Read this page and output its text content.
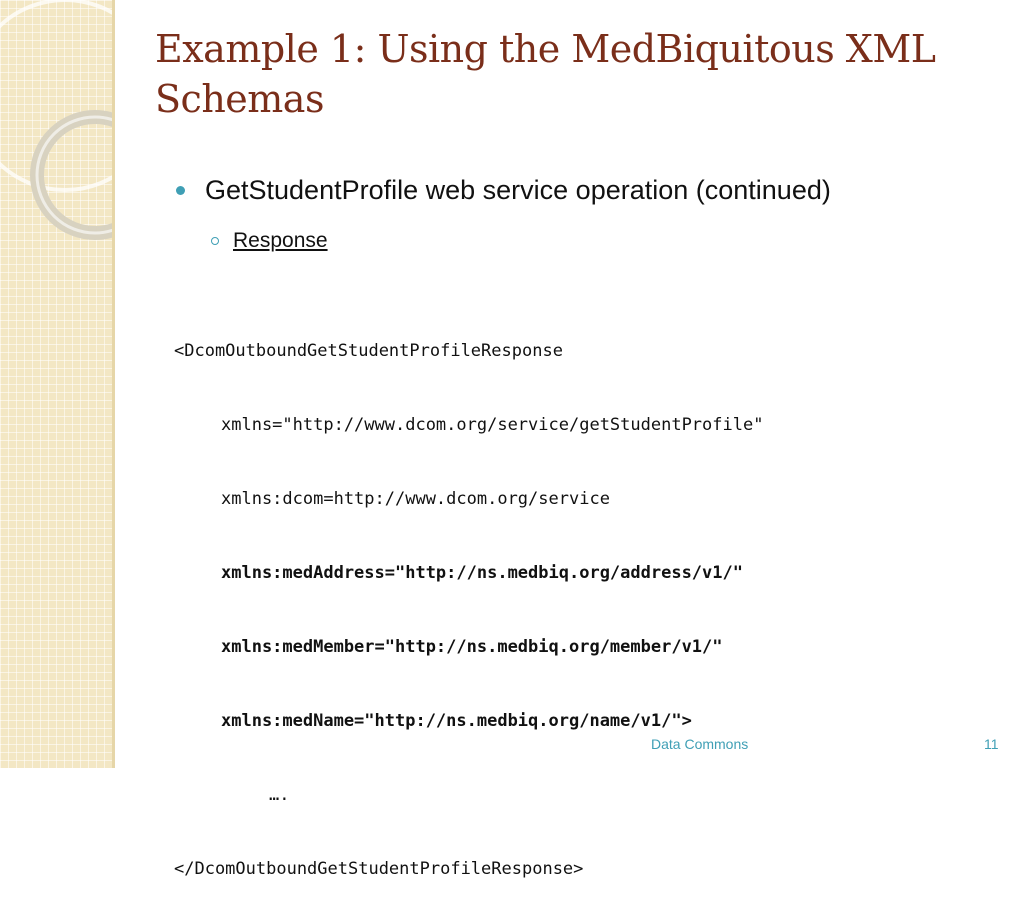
Example 1: Using the MedBiquitous XML Schemas
GetStudentProfile web service operation (continued)
Response

<DcomOutboundGetStudentProfileResponse

xmlns="http://www.dcom.org/service/getStudentProfile"

xmlns:dcom=http://www.dcom.org/service

xmlns:medAddress="http://ns.medbiq.org/address/v1/"

xmlns:medMember="http://ns.medbiq.org/member/v1/"

xmlns:medName="http://ns.medbiq.org/name/v1/">

….

</DcomOutboundGetStudentProfileResponse>

Data Commons	11
